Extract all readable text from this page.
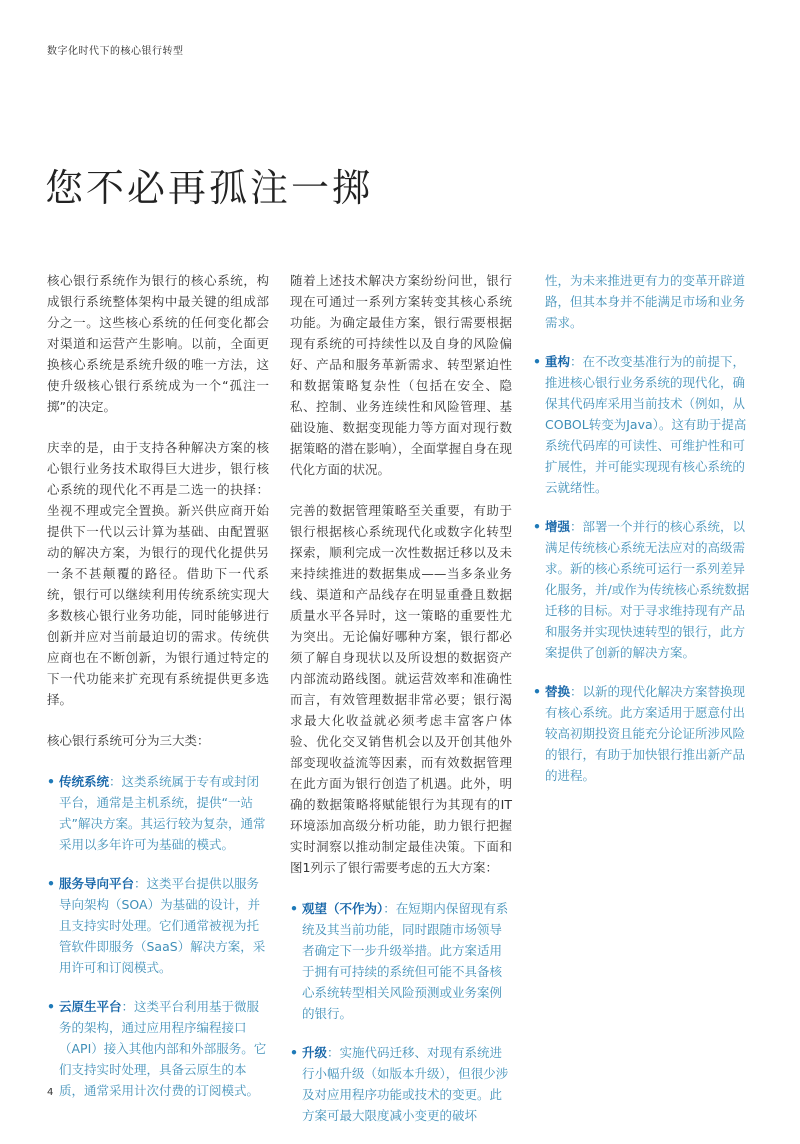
数字化时代下的核心银行转型
您不必再孤注一掷

核心银行系统作为银行的核心系统，构成银行系统整体架构中最关键的组成部分之一。这些核心系统的任何变化都会对渠道和运营产生影响。以前，全面更换核心系统是系统升级的唯一方法，这使升级核心银行系统成为一个“孤注一掷”的决定。

庆幸的是，由于支持各种解决方案的核心银行业务技术取得巨大进步，银行核心系统的现代化不再是二选一的抉择：坐视不理或完全置换。新兴供应商开始提供下一代以云计算为基础、由配置驱动的解决方案，为银行的现代化提供另一条不甚颠覆的路径。借助下一代系统，银行可以继续利用传统系统实现大多数核心银行业务功能，同时能够进行创新并应对当前最迫切的需求。传统供应商也在不断创新，为银行通过特定的下一代功能来扩充现有系统提供更多选择。

核心银行系统可分为三大类：

• 传统系统：这类系统属于专有或封闭平台，通常是主机系统，提供“一站式”解决方案。其运行较为复杂，通常采用以多年许可为基础的模式。
• 服务导向平台：这类平台提供以服务导向架构（SOA）为基础的设计，并且支持实时处理。它们通常被视为托管软件即服务（SaaS）解决方案，采用许可和订阅模式。
• 云原生平台：这类平台利用基于微服务的架构，通过应用程序编程接口（API）接入其他内部和外部服务。它们支持实时处理，具备云原生的本质，通常采用计次付费的订阅模式。

随着上述技术解决方案纷纷问世，银行现在可通过一系列方案转变其核心系统功能。为确定最佳方案，银行需要根据现有系统的可持续性以及自身的风险偏好、产品和服务革新需求、转型紧迫性和数据策略复杂性（包括在安全、隐私、控制、业务连续性和风险管理、基础设施、数据变现能力等方面对现行数据策略的潜在影响），全面掌握自身在现代化方面的状况。

完善的数据管理策略至关重要，有助于银行根据核心系统现代化或数字化转型探索，顺利完成一次性数据迁移以及未来持续推进的数据集成——当多条业务线、渠道和产品线存在明显重叠且数据质量水平各异时，这一策略的重要性尤为突出。无论偏好哪种方案，银行都必须了解自身现状以及所设想的数据资产内部流动路线图。就运营效率和准确性而言，有效管理数据非常必要；银行渴求最大化收益就必须考虑丰富客户体验、优化交叉销售机会以及开创其他外部变现收益流等因素，而有效数据管理在此方面为银行创造了机遇。此外，明确的数据策略将赋能银行为其现有的IT环境添加高级分析功能，助力银行把握实时洞察以推动制定最佳决策。下面和图1列示了银行需要考虑的五大方案：

• 观望（不作为）：在短期内保留现有系统及其当前功能，同时跟随市场领导者确定下一步升级举措。此方案适用于拥有可持续的系统但可能不具备核心系统转型相关风险预测或业务案例的银行。
• 升级：实施代码迁移、对现有系统进行小幅升级（如版本升级），但很少涉及对应用程序功能或技术的变更。此方案可最大限度减小变更的破坏
性，为未来推进更有力的变革开辟道路，但其本身并不能满足市场和业务需求。
• 重构：在不改变基准行为的前提下，推进核心银行业务系统的现代化，确保其代码库采用当前技术（例如，从COBOL转变为Java）。这有助于提高系统代码库的可读性、可维护性和可扩展性，并可能实现现有核心系统的云就绪性。
• 增强：部署一个并行的核心系统，以满足传统核心系统无法应对的高级需求。新的核心系统可运行一系列差异化服务，并/或作为传统核心系统数据迁移的目标。对于寻求维持现有产品和服务并实现快速转型的银行，此方案提供了创新的解决方案。
• 替换：以新的现代化解决方案替换现有核心系统。此方案适用于愿意付出较高初期投资且能充分论证所涉风险的银行，有助于加快银行推出新产品的进程。
4
